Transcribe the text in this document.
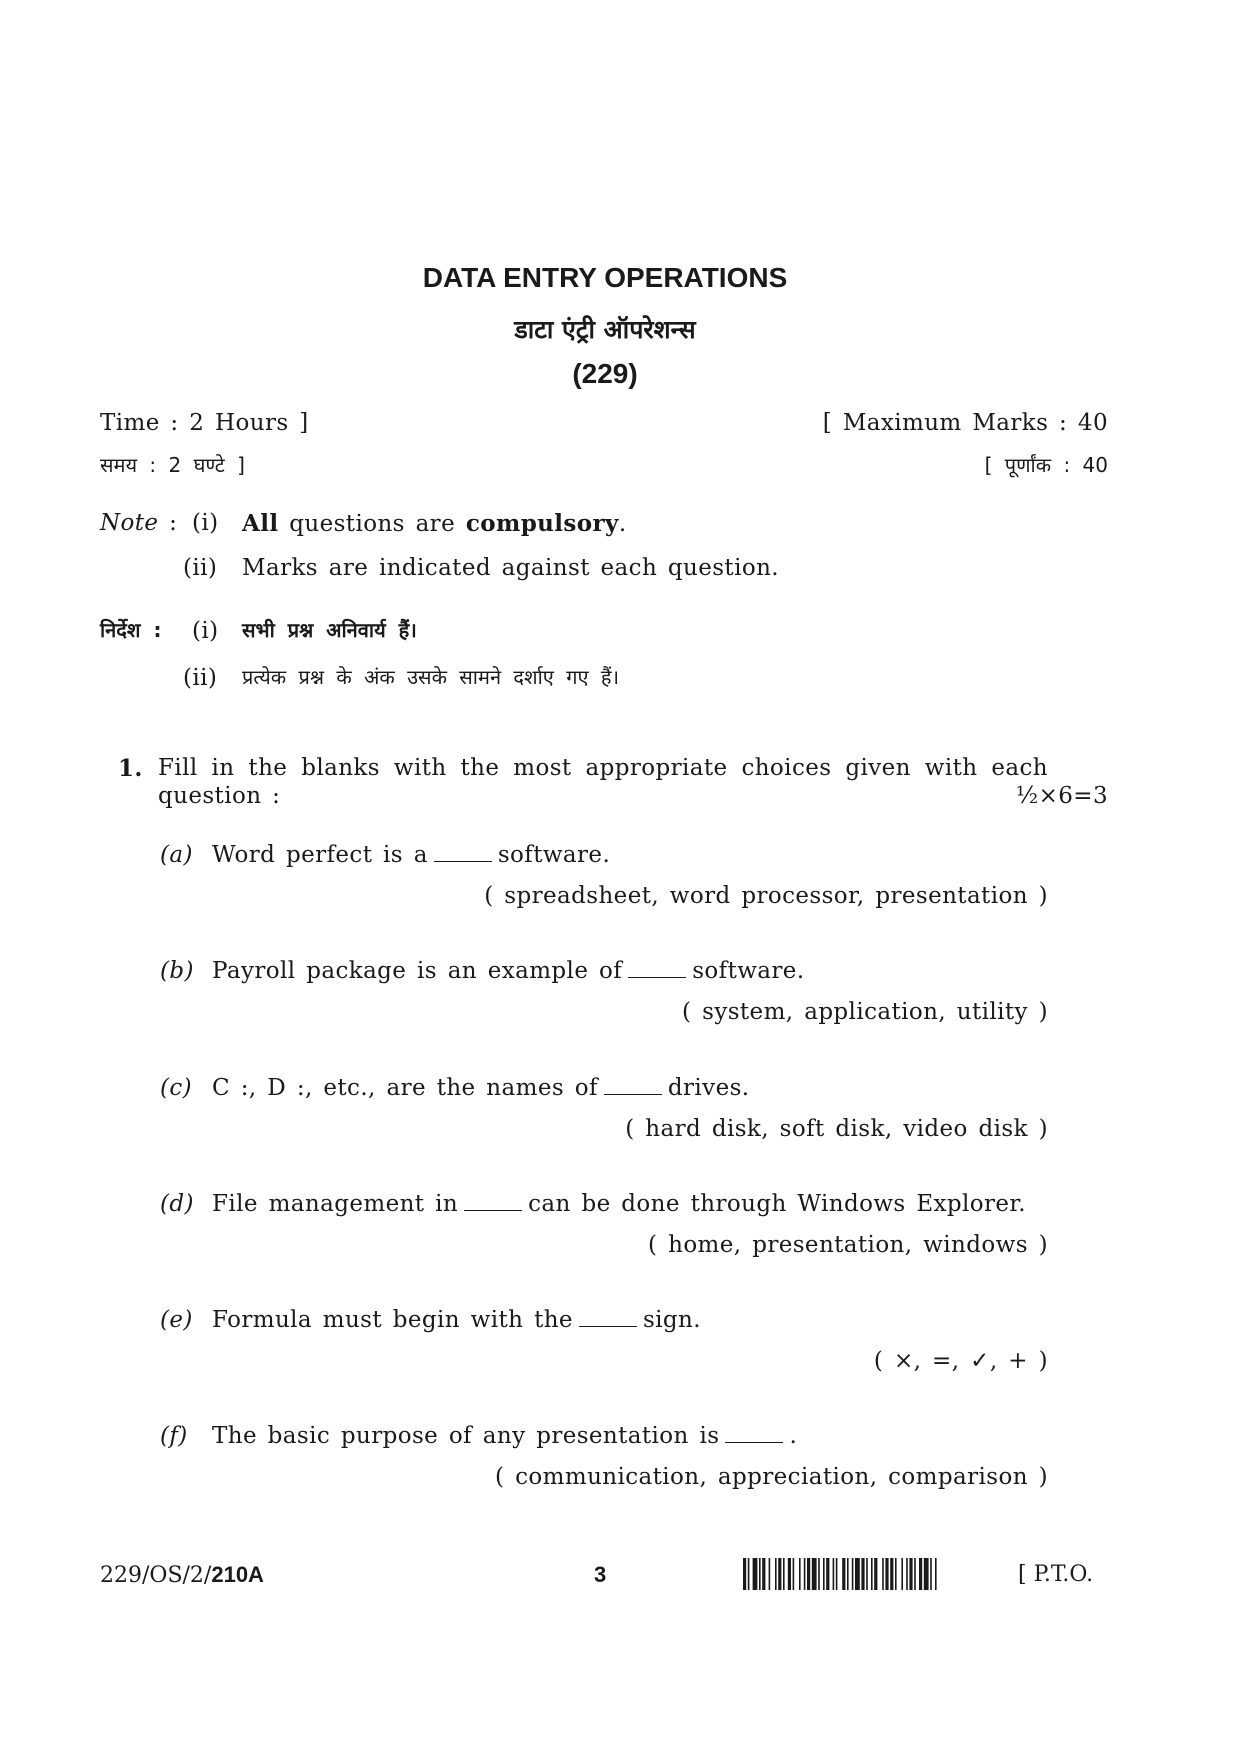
DATA ENTRY OPERATIONS
डाटा एंट्री ऑपरेशन्स
(229)
Time : 2 Hours ]	[ Maximum Marks : 40
समय : 2 घण्टे ]	[ पूर्णांक : 40
Note : (i) All questions are compulsory.
(ii) Marks are indicated against each question.
निर्देश : (i) सभी प्रश्न अनिवार्य हैं।
(ii) प्रत्येक प्रश्न के अंक उसके सामने दर्शाए गए हैं।
1. Fill in the blanks with the most appropriate choices given with each
question :	½×6=3
(a) Word perfect is a	software.
( spreadsheet, word processor, presentation )
(b) Payroll package is an example of	software.
( system, application, utility )
(c) C :, D :, etc., are the names of	drives.
( hard disk, soft disk, video disk )
(d) File management in	can be done through Windows Explorer.
( home, presentation, windows )
(e) Formula must begin with the	sign.
( ×, =, ✓, + )
(f) The basic purpose of any presentation is	.
( communication, appreciation, comparison )
229/OS/2/210A	3	[ P.T.O.
